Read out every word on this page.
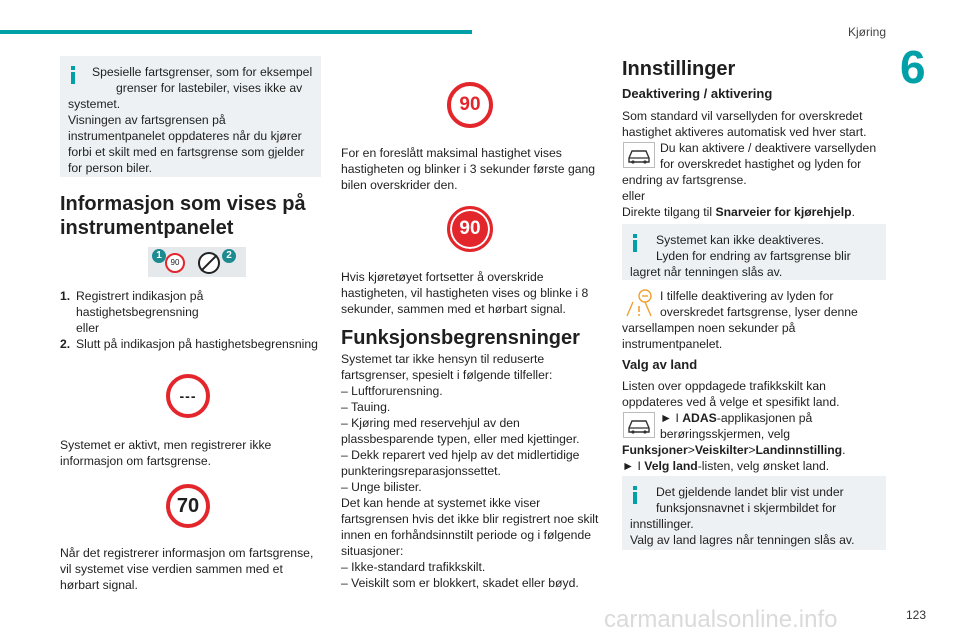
Kjøring
6

Spesielle fartsgrenser, som for eksempel

grenser for lastebiler, vises ikke av

systemet.

Visningen av fartsgrensen på

instrumentpanelet oppdateres når du kjører

forbi et skilt med en fartsgrense som gjelder

for person biler.

Informasjon som vises på
instrumentpanelet
1
90
2
1. Registrert indikasjon på

hastighetsbegrensning

eller

2. Slutt på indikasjon på hastighetsbegrensning

---

Systemet er aktivt, men registrerer ikke

informasjon om fartsgrense.

70

Når det registrerer informasjon om fartsgrense,

vil systemet vise verdien sammen med et

hørbart signal.

90

For en foreslått maksimal hastighet vises

hastigheten og blinker i 3 sekunder første gang

bilen overskrider den.

90

Hvis kjøretøyet fortsetter å overskride

hastigheten, vil hastigheten vises og blinke i 8

sekunder, sammen med et hørbart signal.

Funksjonsbegrensninger

Systemet tar ikke hensyn til reduserte

fartsgrenser, spesielt i følgende tilfeller:

– Luftforurensning.

– Tauing.

– Kjøring med reservehjul av den

plassbesparende typen, eller med kjettinger.

– Dekk reparert ved hjelp av det midlertidige

punkteringsreparasjonssettet.

– Unge bilister.

Det kan hende at systemet ikke viser

fartsgrensen hvis det ikke blir registrert noe skilt

innen en forhåndsinnstilt periode og i følgende

situasjoner:

– Ikke-standard trafikkskilt.

– Veiskilt som er blokkert, skadet eller bøyd.

Innstillinger
Deaktivering / aktivering

Som standard vil varsellyden for overskredet

hastighet aktiveres automatisk ved hver start.

Du kan aktivere / deaktivere varsellyden

for overskredet hastighet og lyden for

endring av fartsgrense.

eller

Direkte tilgang til Snarveier for kjørehjelp.

Systemet kan ikke deaktiveres.

Lyden for endring av fartsgrense blir

lagret når tenningen slås av.

I tilfelle deaktivering av lyden for

overskredet fartsgrense, lyser denne

varsellampen noen sekunder på

instrumentpanelet.

Valg av land

Listen over oppdagede trafikkskilt kan

oppdateres ved å velge et spesifikt land.

► I ADAS-applikasjonen på

berøringsskjermen, velg

Funksjoner>Veiskilter>Landinnstilling.

► I Velg land-listen, velg ønsket land.

Det gjeldende landet blir vist under

funksjonsnavnet i skjermbildet for

innstillinger.

Valg av land lagres når tenningen slås av.

123
carmanualsonline.info
